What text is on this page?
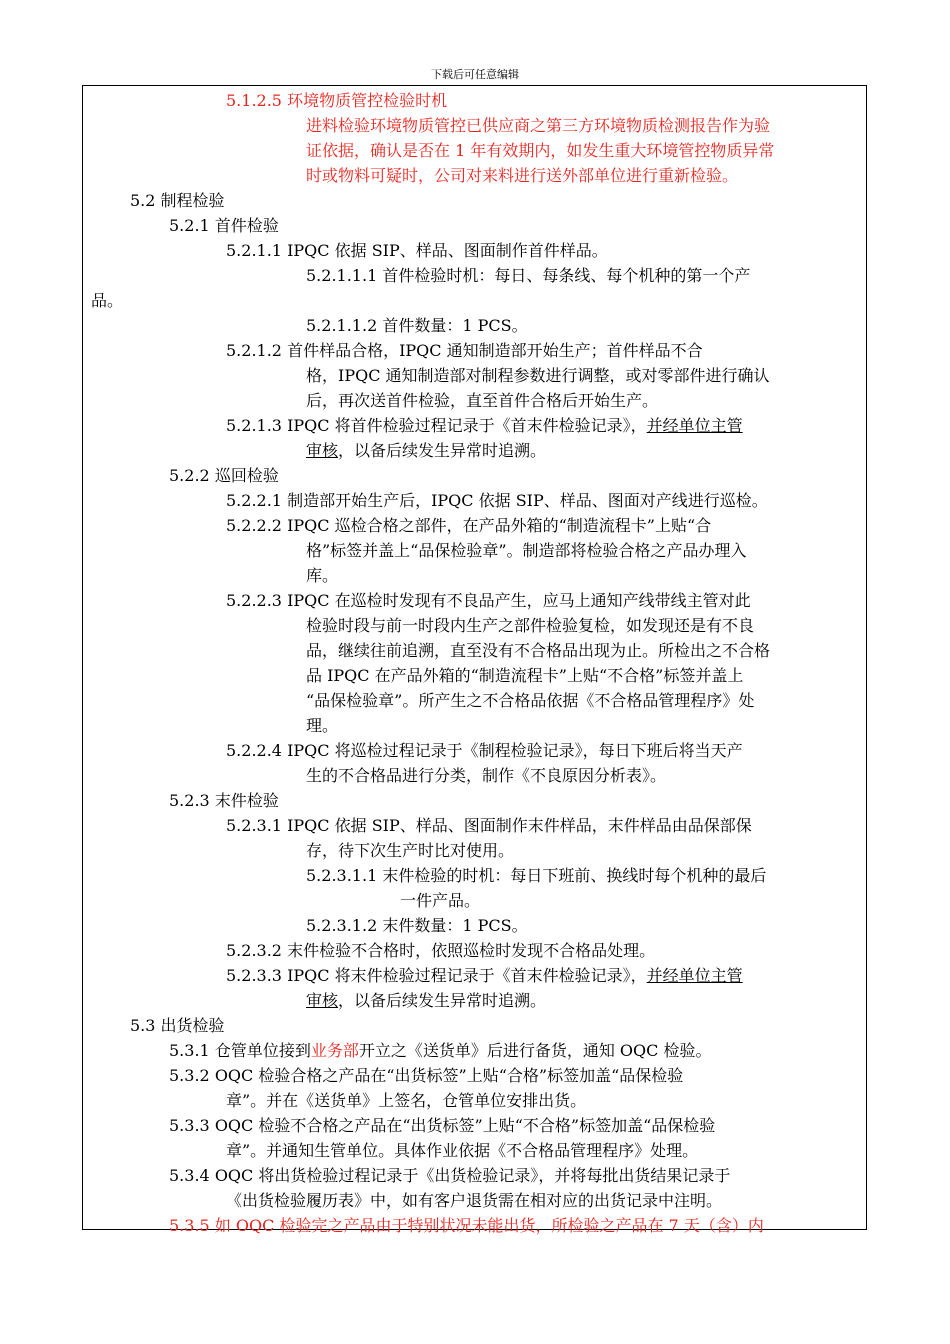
下载后可任意编辑
5.1.2.5 环境物质管控检验时机
进料检验环境物质管控已供应商之第三方环境物质检测报告作为验
证依据，确认是否在 1 年有效期内，如发生重大环境管控物质异常
时或物料可疑时，公司对来料进行送外部单位进行重新检验。
5.2 制程检验
5.2.1 首件检验
5.2.1.1 IPQC 依据 SIP、样品、图面制作首件样品。
5.2.1.1.1 首件检验时机：每日、每条线、每个机种的第一个产
品。
5.2.1.1.2 首件数量：1 PCS。
5.2.1.2 首件样品合格，IPQC 通知制造部开始生产；首件样品不合
格，IPQC 通知制造部对制程参数进行调整，或对零部件进行确认
后，再次送首件检验，直至首件合格后开始生产。
5.2.1.3 IPQC 将首件检验过程记录于《首末件检验记录》，并经单位主管
审核，以备后续发生异常时追溯。
5.2.2 巡回检验
5.2.2.1 制造部开始生产后，IPQC 依据 SIP、样品、图面对产线进行巡检。
5.2.2.2 IPQC 巡检合格之部件，在产品外箱的“制造流程卡”上贴“合
格”标签并盖上“品保检验章”。制造部将检验合格之产品办理入
库。
5.2.2.3 IPQC 在巡检时发现有不良品产生，应马上通知产线带线主管对此
检验时段与前一时段内生产之部件检验复检，如发现还是有不良
品，继续往前追溯，直至没有不合格品出现为止。所检出之不合格
品 IPQC 在产品外箱的“制造流程卡”上贴“不合格”标签并盖上
“品保检验章”。所产生之不合格品依据《不合格品管理程序》处
理。
5.2.2.4 IPQC 将巡检过程记录于《制程检验记录》，每日下班后将当天产
生的不合格品进行分类，制作《不良原因分析表》。
5.2.3 末件检验
5.2.3.1 IPQC 依据 SIP、样品、图面制作末件样品，末件样品由品保部保
存，待下次生产时比对使用。
5.2.3.1.1 末件检验的时机：每日下班前、换线时每个机种的最后
一件产品。
5.2.3.1.2 末件数量：1 PCS。
5.2.3.2 末件检验不合格时，依照巡检时发现不合格品处理。
5.2.3.3 IPQC 将末件检验过程记录于《首末件检验记录》，并经单位主管
审核，以备后续发生异常时追溯。
5.3 出货检验
5.3.1 仓管单位接到业务部开立之《送货单》后进行备货，通知 OQC 检验。
5.3.2 OQC 检验合格之产品在“出货标签”上贴“合格”标签加盖“品保检验
章”。并在《送货单》上签名，仓管单位安排出货。
5.3.3 OQC 检验不合格之产品在“出货标签”上贴“不合格”标签加盖“品保检验
章”。并通知生管单位。具体作业依据《不合格品管理程序》处理。
5.3.4 OQC 将出货检验过程记录于《出货检验记录》，并将每批出货结果记录于
《出货检验履历表》中，如有客户退货需在相对应的出货记录中注明。
5.3.5 如 OQC 检验完之产品由于特别状况未能出货，所检验之产品在 7 天（含）内
